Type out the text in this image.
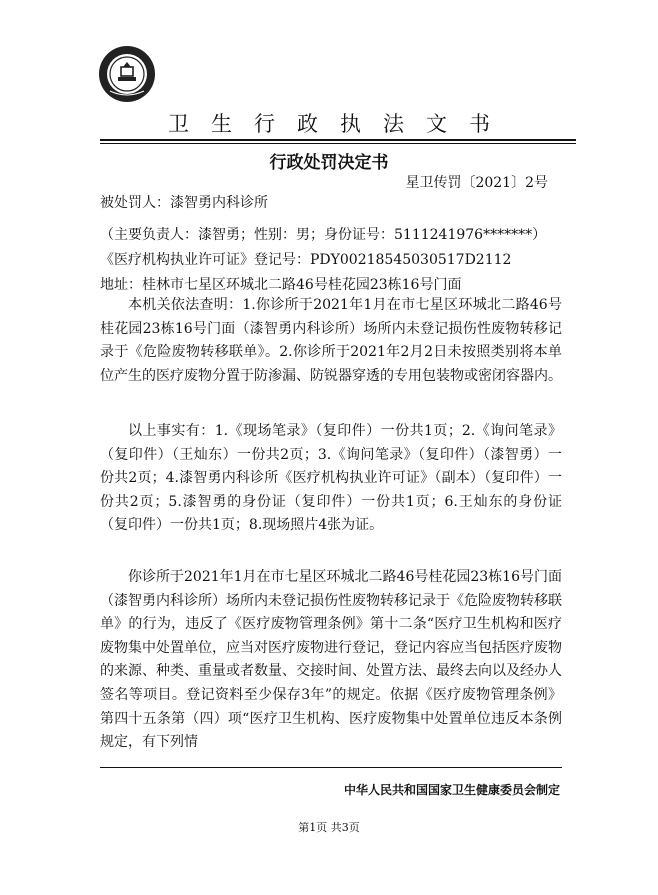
卫生行政执法文书
行政处罚决定书
星卫传罚〔2021〕2号
被处罚人：漆智勇内科诊所
（主要负责人：漆智勇；性别：男；身份证号：5111241976*******）
《医疗机构执业许可证》登记号：PDY00218545030517D2112
地址：桂林市七星区环城北二路46号桂花园23栋16号门面
本机关依法查明：1.你诊所于2021年1月在市七星区环城北二路46号桂花园23栋16号门面（漆智勇内科诊所）场所内未登记损伤性废物转移记录于《危险废物转移联单》。2.你诊所于2021年2月2日未按照类别将本单位产生的医疗废物分置于防渗漏、防锐器穿透的专用包装物或密闭容器内。
以上事实有：1.《现场笔录》（复印件）一份共1页；2.《询问笔录》（复印件）（王灿东）一份共2页；3.《询问笔录》（复印件）（漆智勇）一份共2页；4.漆智勇内科诊所《医疗机构执业许可证》（副本）（复印件）一份共2页；5.漆智勇的身份证（复印件）一份共1页；6.王灿东的身份证（复印件）一份共1页；8.现场照片4张为证。
你诊所于2021年1月在市七星区环城北二路46号桂花园23栋16号门面（漆智勇内科诊所）场所内未登记损伤性废物转移记录于《危险废物转移联单》的行为，违反了《医疗废物管理条例》第十二条“医疗卫生机构和医疗废物集中处置单位，应当对医疗废物进行登记，登记内容应当包括医疗废物的来源、种类、重量或者数量、交接时间、处置方法、最终去向以及经办人签名等项目。登记资料至少保存3年”的规定。依据《医疗废物管理条例》第四十五条第（四）项“医疗卫生机构、医疗废物集中处置单位违反本条例规定，有下列情
中华人民共和国国家卫生健康委员会制定
第1页 共3页
